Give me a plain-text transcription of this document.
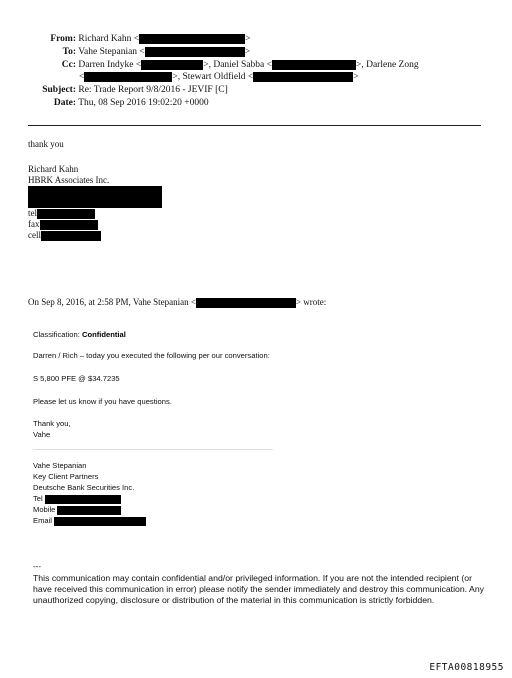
From: Richard Kahn <	>
To: Vahe Stepanian <	>
Cc: Darren Indyke <	>, Daniel Sabba <	>, Darlene Zong
<	>, Stewart Oldfield <	>
Subject: Re: Trade Report 9/8/2016 - JEVIF [C]
Date: Thu, 08 Sep 2016 19:02:20 +0000
thank you
Richard Kahn
HBRK Associates Inc.
tel
fax
cell
On Sep 8, 2016, at 2:58 PM, Vahe Stepanian <	> wrote:
Classification: Confidential
Darren / Rich – today you executed the following per our conversation:
S 5,800 PFE @ $34.7235
Please let us know if you have questions.
Thank you,
Vahe
Vahe Stepanian
Key Client Partners
Deutsche Bank Securities Inc.
Tel
Mobile
Email
---
This communication may contain confidential and/or privileged information. If you are not the intended recipient (or have received this communication in error) please notify the sender immediately and destroy this communication. Any unauthorized copying, disclosure or distribution of the material in this communication is strictly forbidden.
EFTA00818955
